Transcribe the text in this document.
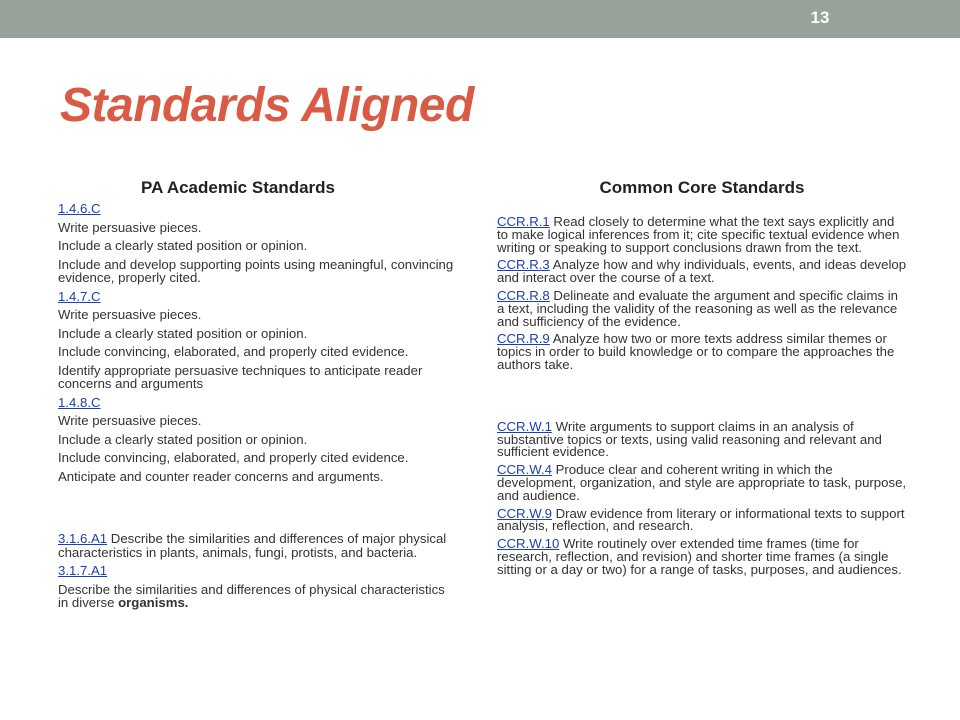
13
Standards Aligned
PA Academic Standards
1.4.6.C
Write persuasive pieces.
Include a clearly stated position or opinion.
Include and develop supporting points using meaningful, convincing evidence, properly cited.
1.4.7.C
Write persuasive pieces.
Include a clearly stated position or opinion.
Include convincing, elaborated, and properly cited evidence.
Identify appropriate persuasive techniques to anticipate reader concerns and arguments
1.4.8.C
Write persuasive pieces.
Include a clearly stated position or opinion.
Include convincing, elaborated, and properly cited evidence.
Anticipate and counter reader concerns and arguments.
3.1.6.A1 Describe the similarities and differences of major physical characteristics in plants, animals, fungi, protists, and bacteria.
3.1.7.A1
Describe the similarities and differences of physical characteristics in diverse organisms.
Common Core Standards
CCR.R.1 Read closely to determine what the text says explicitly and to make logical inferences from it; cite specific textual evidence when writing or speaking to support conclusions drawn from the text.
CCR.R.3 Analyze how and why individuals, events, and ideas develop and interact over the course of a text.
CCR.R.8 Delineate and evaluate the argument and specific claims in a text, including the validity of the reasoning as well as the relevance and sufficiency of the evidence.
CCR.R.9 Analyze how two or more texts address similar themes or topics in order to build knowledge or to compare the approaches the authors take.
CCR.W.1 Write arguments to support claims in an analysis of substantive topics or texts, using valid reasoning and relevant and sufficient evidence.
CCR.W.4 Produce clear and coherent writing in which the development, organization, and style are appropriate to task, purpose, and audience.
CCR.W.9 Draw evidence from literary or informational texts to support analysis, reflection, and research.
CCR.W.10 Write routinely over extended time frames (time for research, reflection, and revision) and shorter time frames (a single sitting or a day or two) for a range of tasks, purposes, and audiences.
